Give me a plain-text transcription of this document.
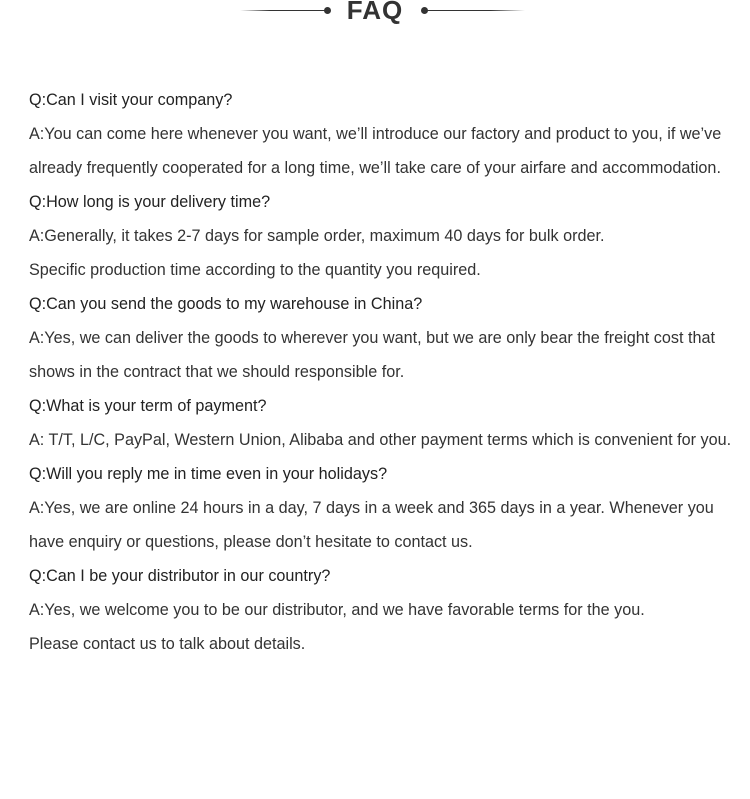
FAQ
Q:Can I visit your company?
A:You can come here whenever you want, we’ll introduce our factory and product to you, if we’ve already frequently cooperated for a long time, we’ll take care of your airfare and accommodation.
Q:How long is your delivery time?
A:Generally, it takes 2-7 days for sample order, maximum 40 days for bulk order.
Specific production time according to the quantity you required.
Q:Can you send the goods to my warehouse in China?
A:Yes, we can deliver the goods to wherever you want, but we are only bear the freight cost that shows in the contract that we should responsible for.
Q:What is your term of payment?
A: T/T, L/C, PayPal, Western Union, Alibaba and other payment terms which is convenient for you.
Q:Will you reply me in time even in your holidays?
A:Yes, we are online 24 hours in a day, 7 days in a week and 365 days in a year. Whenever you have enquiry or questions, please don’t hesitate to contact us.
Q:Can I be your distributor in our country?
A:Yes, we welcome you to be our distributor, and we have favorable terms for the you.
Please contact us to talk about details.
